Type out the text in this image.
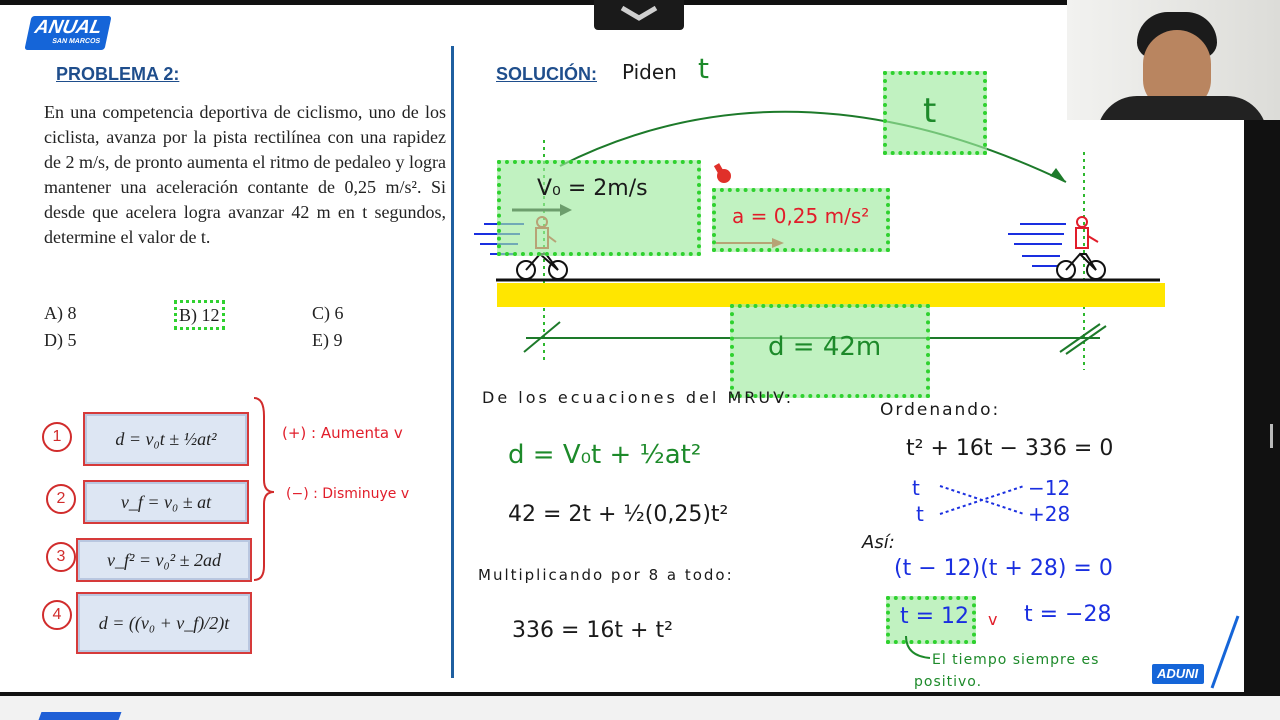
ANUAL
SAN MARCOS
PROBLEMA 2:
En una competencia deportiva de ciclismo, uno de los ciclista, avanza por la pista rectilínea con una rapidez de 2 m/s, de pronto aumenta el ritmo de pedaleo y logra mantener una aceleración contante de 0,25 m/s². Si desde que acelera logra avanzar 42 m en t segundos, determine el valor de t.
A) 8	B) 12	C) 6
D) 5	E) 9
1	d = v₀t ± ½at²
2	v_f = v₀ ± at
3	v_f² = v₀² ± 2ad
4	d = ((v₀ + v_f)/2)t
(+) : Aumenta v
(−) : Disminuye v
SOLUCIÓN: Piden t
t
V₀ = 2m/s
a = 0,25 m/s²
d = 42m
De los ecuaciones del MRUV:
d = V₀t + ½at²
42 = 2t + ½(0,25)t²
Multiplicando por 8 a todo:
336 = 16t + t²
Ordenando:
t² + 16t − 336 = 0
t
t
−12
+28
Así:
(t − 12)(t + 28) = 0
t = 12 v t = −28
El tiempo siempre es
positivo.
ADUNI
